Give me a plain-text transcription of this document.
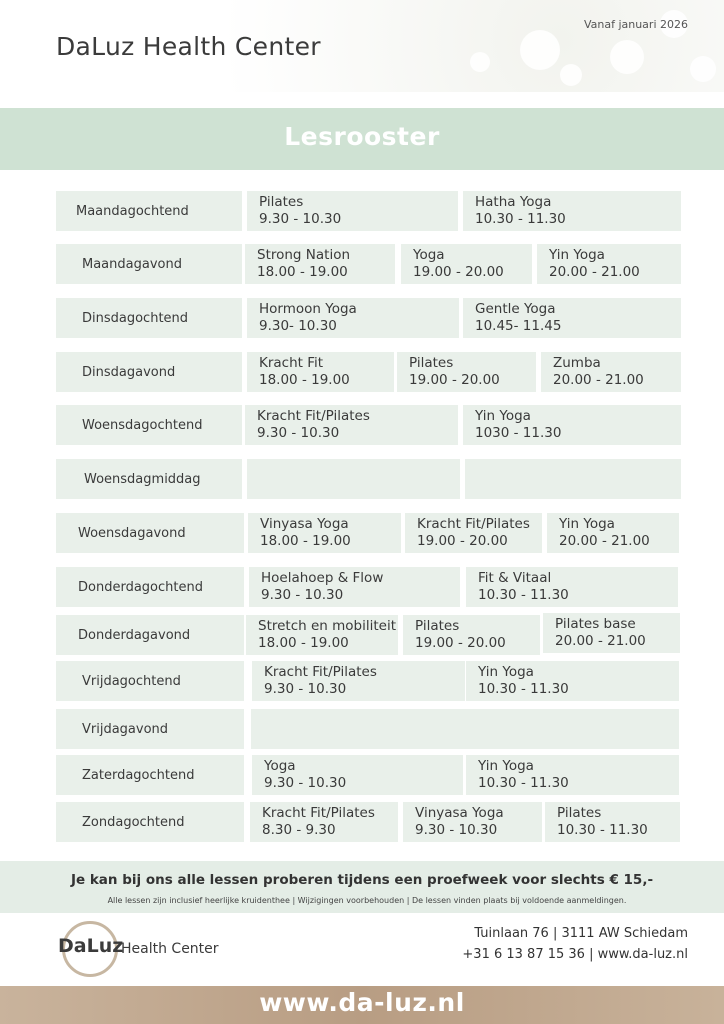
DaLuz Health Center
Vanaf januari 2026
Lesrooster
Maandagochtend
Pilates
9.30 - 10.30
Hatha Yoga
10.30 - 11.30
Maandagavond
Strong Nation
18.00 - 19.00
Yoga
19.00 - 20.00
Yin Yoga
20.00 - 21.00
Dinsdagochtend
Hormoon Yoga
9.30- 10.30
Gentle Yoga
10.45- 11.45
Dinsdagavond
Kracht Fit
18.00 - 19.00
Pilates
19.00 - 20.00
Zumba
20.00 - 21.00
Woensdagochtend
Kracht Fit/Pilates
9.30 - 10.30
Yin Yoga
1030 - 11.30
Woensdagmiddag
Woensdagavond
Vinyasa Yoga
18.00 - 19.00
Kracht Fit/Pilates
19.00 - 20.00
Yin Yoga
20.00 - 21.00
Donderdagochtend
Hoelahoep & Flow
9.30 - 10.30
Fit & Vitaal
10.30 - 11.30
Donderdagavond
Stretch en mobiliteit
18.00 - 19.00
Pilates
19.00 - 20.00
Pilates base
20.00 - 21.00
Vrijdagochtend
Kracht Fit/Pilates
9.30 - 10.30
Yin Yoga
10.30 - 11.30
Vrijdagavond
Zaterdagochtend
Yoga
9.30 - 10.30
Yin Yoga
10.30 - 11.30
Zondagochtend
Kracht Fit/Pilates
8.30 - 9.30
Vinyasa Yoga
9.30 - 10.30
Pilates
10.30 - 11.30
Je kan bij ons alle lessen proberen tijdens een proefweek voor slechts € 15,-
Alle lessen zijn inclusief heerlijke kruidenthee | Wijzigingen voorbehouden | De lessen vinden plaats bij voldoende aanmeldingen.
DaLuz
Health Center
Tuinlaan 76 | 3111 AW Schiedam
+31 6 13 87 15 36 | www.da-luz.nl
www.da-luz.nl
